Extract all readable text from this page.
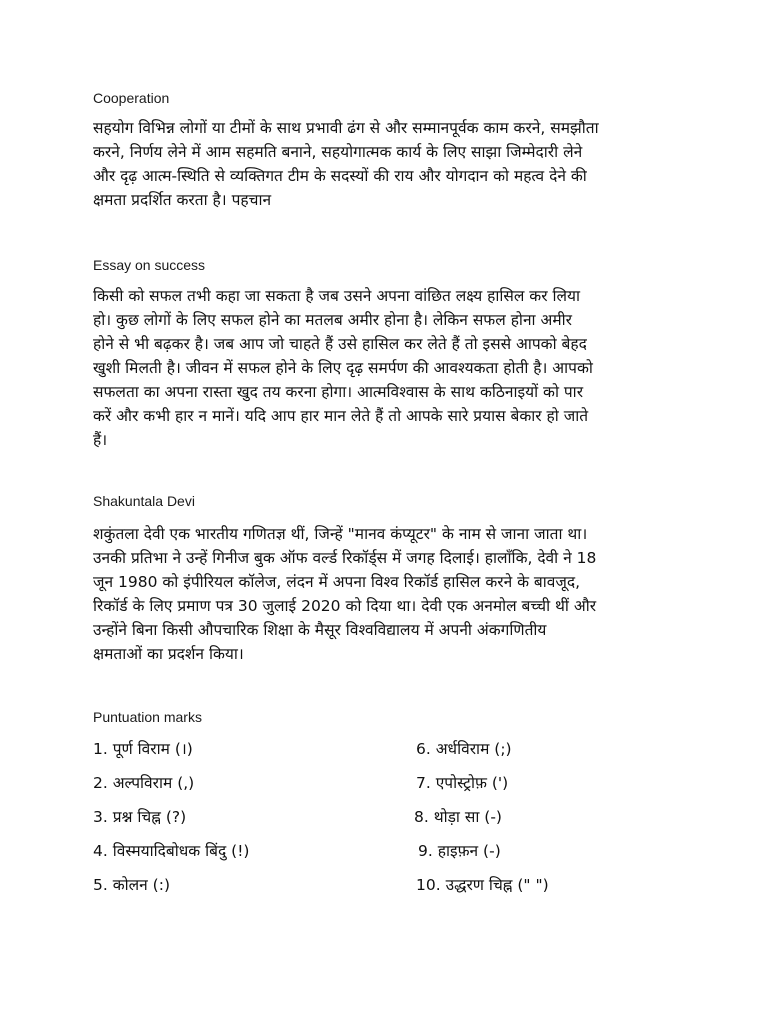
Cooperation
सहयोग विभिन्न लोगों या टीमों के साथ प्रभावी ढंग से और सम्मानपूर्वक काम करने, समझौता
करने, निर्णय लेने में आम सहमति बनाने, सहयोगात्मक कार्य के लिए साझा जिम्मेदारी लेने
और दृढ़ आत्म-स्थिति से व्यक्तिगत टीम के सदस्यों की राय और योगदान को महत्व देने की
क्षमता प्रदर्शित करता है। पहचान
Essay on success
किसी को सफल तभी कहा जा सकता है जब उसने अपना वांछित लक्ष्य हासिल कर लिया
हो। कुछ लोगों के लिए सफल होने का मतलब अमीर होना है। लेकिन सफल होना अमीर
होने से भी बढ़कर है। जब आप जो चाहते हैं उसे हासिल कर लेते हैं तो इससे आपको बेहद
खुशी मिलती है। जीवन में सफल होने के लिए दृढ़ समर्पण की आवश्यकता होती है। आपको
सफलता का अपना रास्ता खुद तय करना होगा। आत्मविश्वास के साथ कठिनाइयों को पार
करें और कभी हार न मानें। यदि आप हार मान लेते हैं तो आपके सारे प्रयास बेकार हो जाते
हैं।
Shakuntala Devi
शकुंतला देवी एक भारतीय गणितज्ञ थीं, जिन्हें "मानव कंप्यूटर" के नाम से जाना जाता था।
उनकी प्रतिभा ने उन्हें गिनीज बुक ऑफ वर्ल्ड रिकॉर्ड्स में जगह दिलाई। हालाँकि, देवी ने 18
जून 1980 को इंपीरियल कॉलेज, लंदन में अपना विश्व रिकॉर्ड हासिल करने के बावजूद,
रिकॉर्ड के लिए प्रमाण पत्र 30 जुलाई 2020 को दिया था। देवी एक अनमोल बच्ची थीं और
उन्होंने बिना किसी औपचारिक शिक्षा के मैसूर विश्वविद्यालय में अपनी अंकगणितीय
क्षमताओं का प्रदर्शन किया।
Puntuation marks
1. पूर्ण विराम (।)
2. अल्पविराम (,)
3. प्रश्न चिह्न (?)
4. विस्मयादिबोधक बिंदु (!)
5. कोलन (:)
6. अर्धविराम (;)
7. एपोस्ट्रोफ़ (')
8. थोड़ा सा (-)
9. हाइफ़न (-)
10. उद्धरण चिह्न (" ")
